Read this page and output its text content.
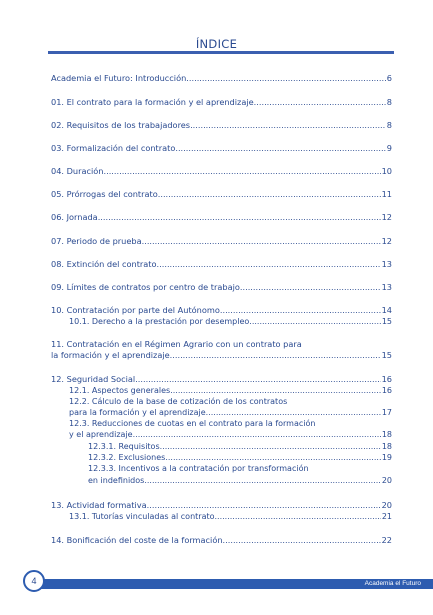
ÍNDICE
Academia el Futuro: Introducción .....	6
01. El contrato para la formación y el aprendizaje .....	8
02. Requisitos de los trabajadores .....	8
03. Formalización del contrato .....	9
04. Duración .....	10
05. Prórrogas del contrato .....	11
06. Jornada .....	12
07. Periodo de prueba .....	12
08. Extinción del contrato .....	13
09. Límites de contratos por centro de trabajo .....	13
10. Contratación por parte del Autónomo .....	14
10.1. Derecho a la prestación por desempleo .....	15
11. Contratación en el Régimen Agrario con un contrato para
la formación y el aprendizaje .....	15
12. Seguridad Social .....	16
12.1. Aspectos generales .....	16
12.2. Cálculo de la base de cotización de los contratos
para la formación y el aprendizaje .....	17
12.3. Reducciones de cuotas en el contrato para la formación
y el aprendizaje .....	18
12.3.1. Requisitos .....	18
12.3.2. Exclusiones .....	19
12.3.3. Incentivos a la contratación por transformación
en indefinidos .....	20
13. Actividad formativa .....	20
13.1. Tutorías vinculadas al contrato .....	21
14. Bonificación del coste de la formación .....	22
4	Academia el Futuro
